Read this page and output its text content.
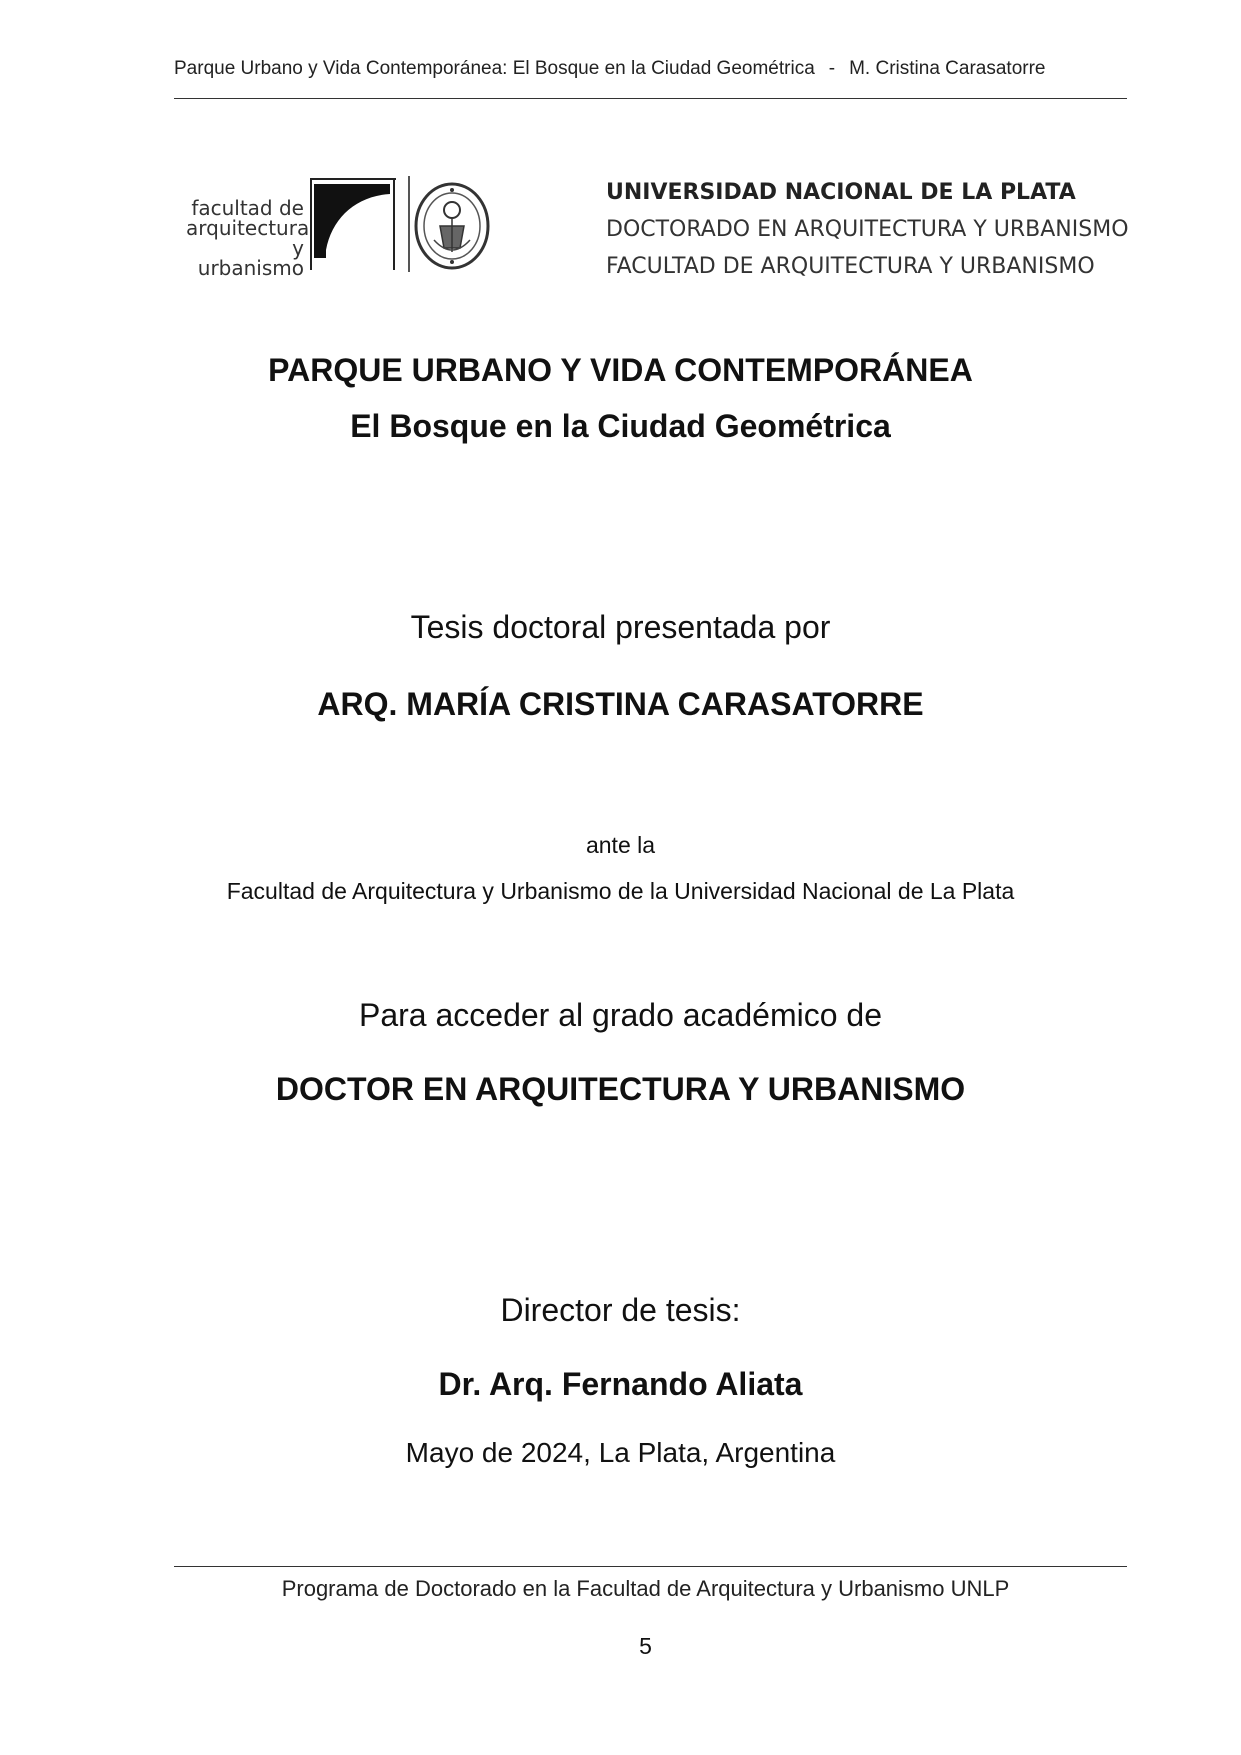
Parque Urbano y Vida Contemporánea: El Bosque en la Ciudad Geométrica - M. Cristina Carasatorre
facultad de
arquitectura
y urbanismo
UNIVERSIDAD NACIONAL DE LA PLATA
DOCTORADO EN ARQUITECTURA Y URBANISMO
FACULTAD DE ARQUITECTURA Y URBANISMO
PARQUE URBANO Y VIDA CONTEMPORÁNEA
El Bosque en la Ciudad Geométrica
Tesis doctoral presentada por
ARQ. MARÍA CRISTINA CARASATORRE
ante la
Facultad de Arquitectura y Urbanismo de la Universidad Nacional de La Plata
Para acceder al grado académico de
DOCTOR EN ARQUITECTURA Y URBANISMO
Director de tesis:
Dr. Arq. Fernando Aliata
Mayo de 2024, La Plata, Argentina
Programa de Doctorado en la Facultad de Arquitectura y Urbanismo UNLP
5
